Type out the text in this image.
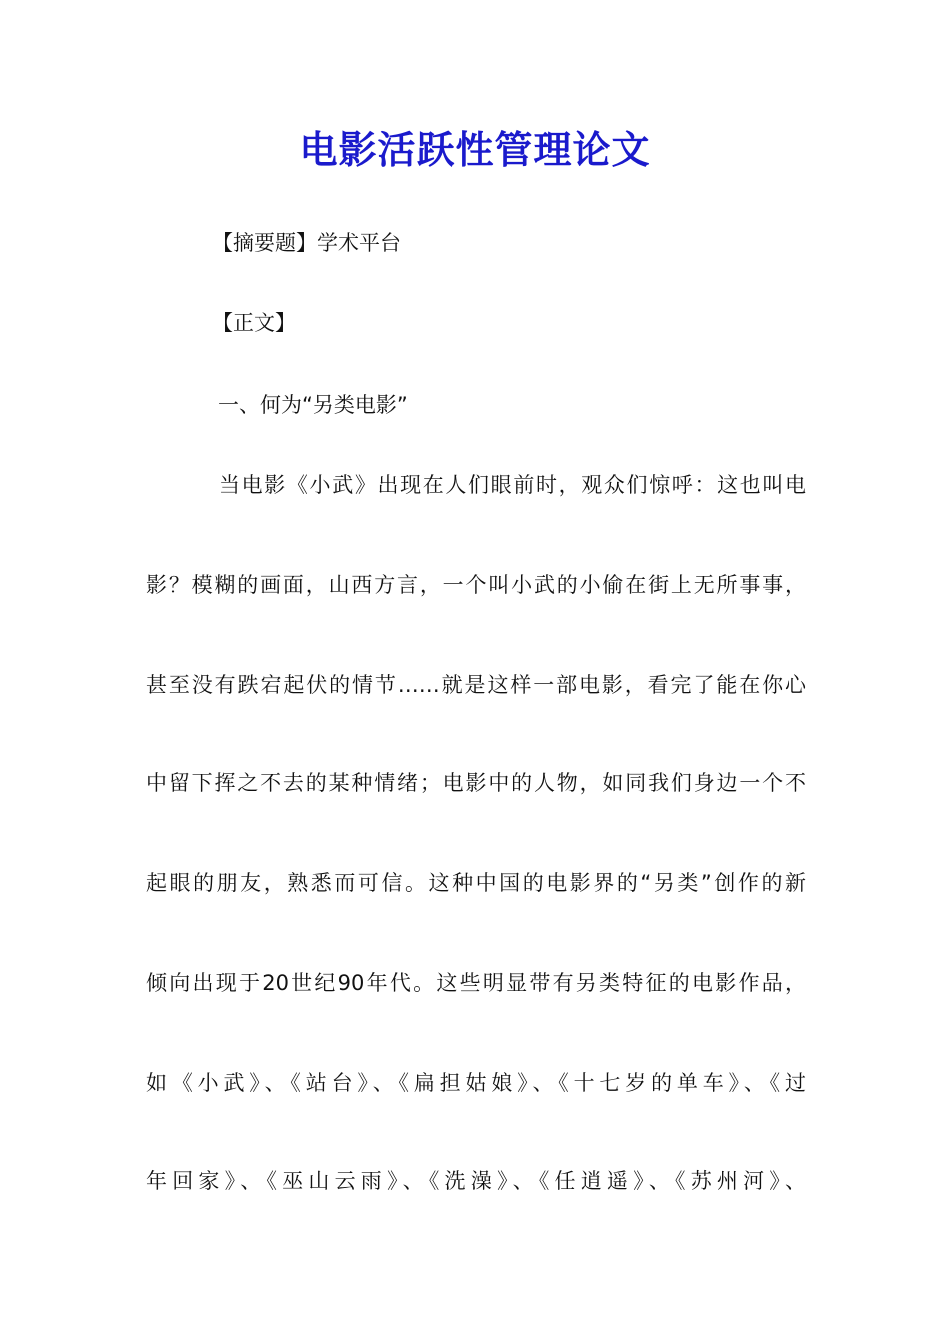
电影活跃性管理论文
【摘要题】学术平台
【正文】
一、何为“另类电影”
当电影《小武》出现在人们眼前时，观众们惊呼：这也叫电
影？模糊的画面，山西方言，一个叫小武的小偷在街上无所事事，
甚至没有跌宕起伏的情节……就是这样一部电影，看完了能在你心
中留下挥之不去的某种情绪；电影中的人物，如同我们身边一个不
起眼的朋友，熟悉而可信。这种中国的电影界的“另类”创作的新
倾向出现于20世纪90年代。这些明显带有另类特征的电影作品，
如《小武》、《站台》、《扁担姑娘》、《十七岁的单车》、《过
年回家》、《巫山云雨》、《洗澡》、《任逍遥》、《苏州河》、
